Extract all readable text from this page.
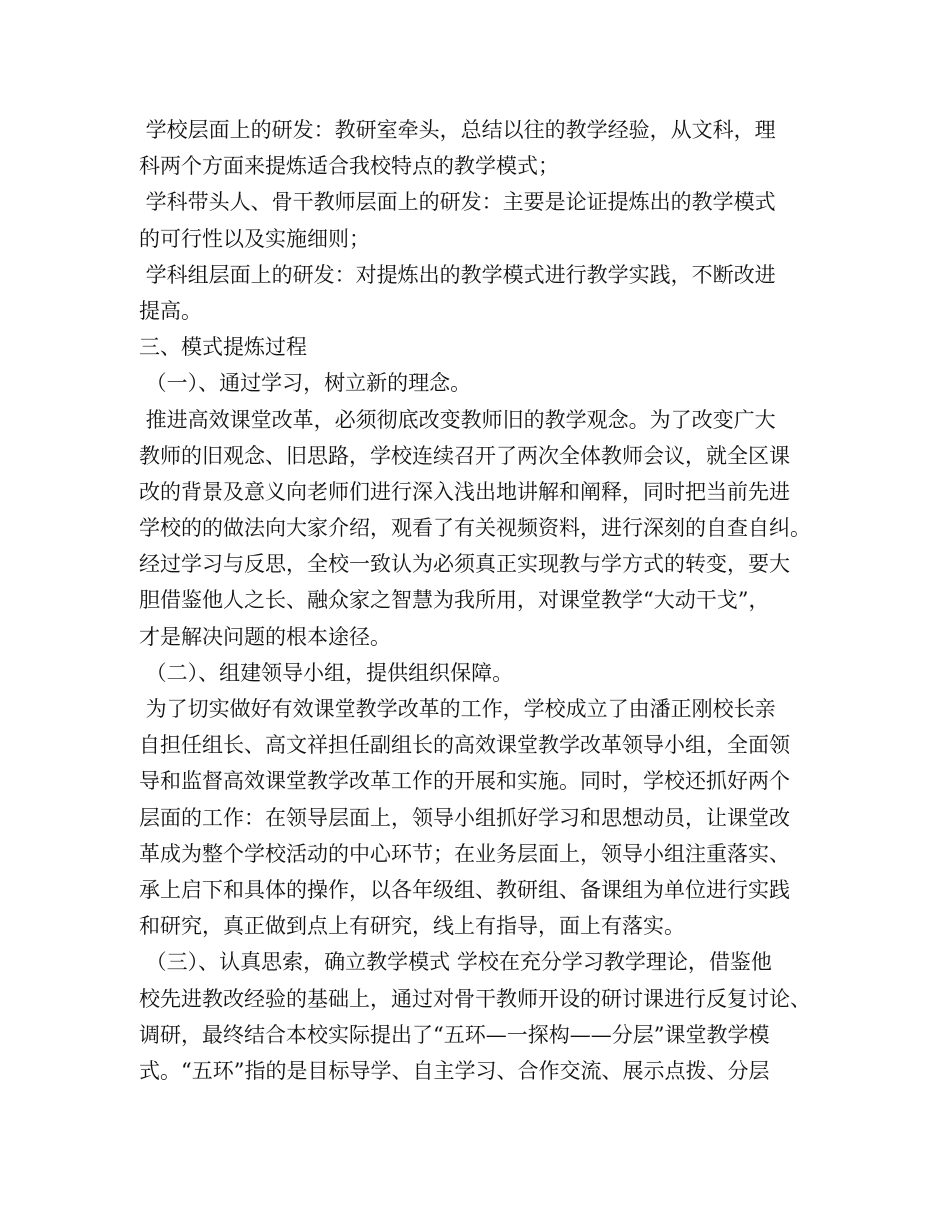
学校层面上的研发：教研室牵头，总结以往的教学经验，从文科，理
科两个方面来提炼适合我校特点的教学模式；
学科带头人、骨干教师层面上的研发：主要是论证提炼出的教学模式
的可行性以及实施细则；
学科组层面上的研发：对提炼出的教学模式进行教学实践，不断改进
提高。
三、模式提炼过程
（一）、通过学习，树立新的理念。
推进高效课堂改革，必须彻底改变教师旧的教学观念。为了改变广大
教师的旧观念、旧思路，学校连续召开了两次全体教师会议，就全区课
改的背景及意义向老师们进行深入浅出地讲解和阐释，同时把当前先进
学校的的做法向大家介绍，观看了有关视频资料，进行深刻的自查自纠。
经过学习与反思，全校一致认为必须真正实现教与学方式的转变，要大
胆借鉴他人之长、融众家之智慧为我所用，对课堂教学“大动干戈”，
才是解决问题的根本途径。
（二）、组建领导小组，提供组织保障。
为了切实做好有效课堂教学改革的工作，学校成立了由潘正刚校长亲
自担任组长、高文祥担任副组长的高效课堂教学改革领导小组，全面领
导和监督高效课堂教学改革工作的开展和实施。同时，学校还抓好两个
层面的工作：在领导层面上，领导小组抓好学习和思想动员，让课堂改
革成为整个学校活动的中心环节；在业务层面上，领导小组注重落实、
承上启下和具体的操作，以各年级组、教研组、备课组为单位进行实践
和研究，真正做到点上有研究，线上有指导，面上有落实。
（三）、认真思索，确立教学模式 学校在充分学习教学理论，借鉴他
校先进教改经验的基础上，通过对骨干教师开设的研讨课进行反复讨论、
调研，最终结合本校实际提出了“五环—一探构——分层”课堂教学模
式。“五环”指的是目标导学、自主学习、合作交流、展示点拨、分层
